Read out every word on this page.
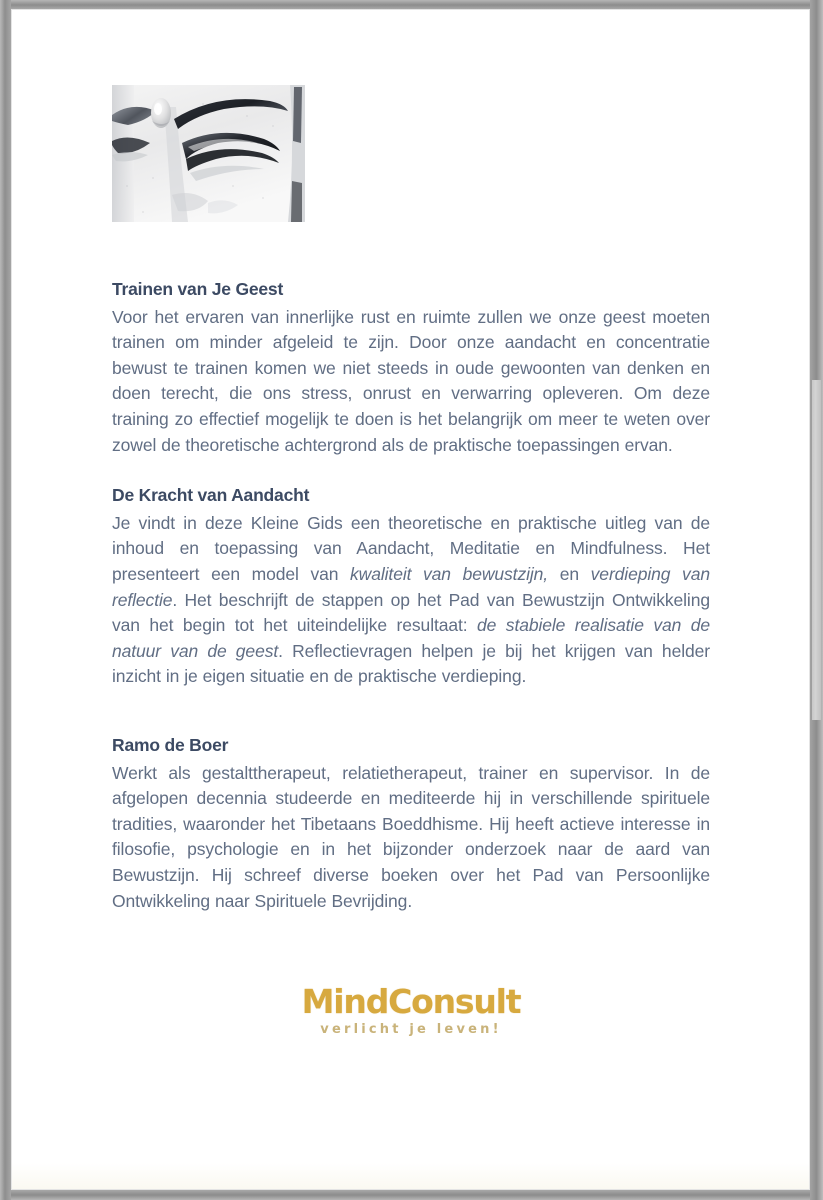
Trainen van Je Geest

Voor het ervaren van innerlijke rust en ruimte zullen we onze geest moeten trainen om minder afgeleid te zijn. Door onze aandacht en concentratie bewust te trainen komen we niet steeds in oude gewoonten van denken en doen terecht, die ons stress, onrust en verwarring opleveren. Om deze training zo effectief mogelijk te doen is het belangrijk om meer te weten over zowel de theoretische achtergrond als de praktische toepassingen ervan.

De Kracht van Aandacht

Je vindt in deze Kleine Gids een theoretische en praktische uitleg van de inhoud en toepassing van Aandacht, Meditatie en Mindfulness. Het presenteert een model van kwaliteit van bewustzijn, en verdieping van reflectie. Het beschrijft de stappen op het Pad van Bewustzijn Ontwikkeling van het begin tot het uiteindelijke resultaat: de stabiele realisatie van de natuur van de geest. Reflectievragen helpen je bij het krijgen van helder inzicht in je eigen situatie en de praktische verdieping.

Ramo de Boer

Werkt als gestalttherapeut, relatietherapeut, trainer en supervisor. In de afgelopen decennia studeerde en mediteerde hij in verschillende spirituele tradities, waaronder het Tibetaans Boeddhisme. Hij heeft actieve interesse in filosofie, psychologie en in het bijzonder onderzoek naar de aard van Bewustzijn. Hij schreef diverse boeken over het Pad van Persoonlijke Ontwikkeling naar Spirituele Bevrijding.

MindConsult
verlicht je leven!
